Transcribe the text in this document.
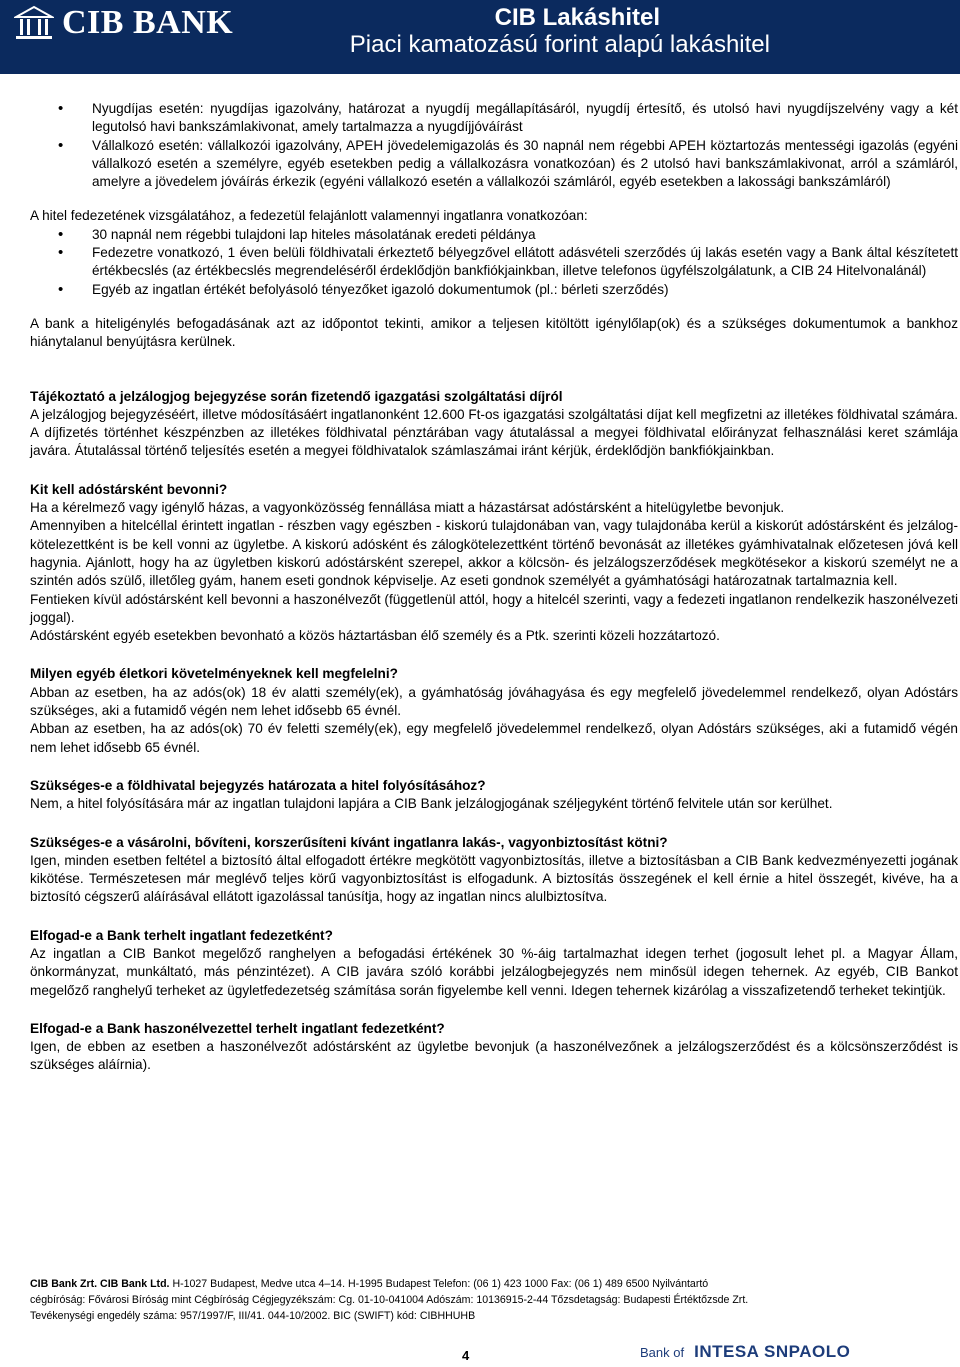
CIB BANK	CIB Lakáshitel
Piaci kamatozású forint alapú lakáshitel
• Nyugdíjas esetén: nyugdíjas igazolvány, határozat a nyugdíj megállapításáról, nyugdíj értesítő, és utolsó havi nyugdíjszelvény vagy a két legutolsó havi bankszámlakivonat, amely tartalmazza a nyugdíjjóváírást
• Vállalkozó esetén: vállalkozói igazolvány, APEH jövedelemigazolás és 30 napnál nem régebbi APEH köztartozás mentességi igazolás (egyéni vállalkozó esetén a személyre, egyéb esetekben pedig a vállalkozásra vonatkozóan) és 2 utolsó havi bankszámlakivonat, arról a számláról, amelyre a jövedelem jóváírás érkezik (egyéni vállalkozó esetén a vállalkozói számláról, egyéb esetekben a lakossági bankszámláról)

A hitel fedezetének vizsgálatához, a fedezetül felajánlott valamennyi ingatlanra vonatkozóan:

• 30 napnál nem régebbi tulajdoni lap hiteles másolatának eredeti példánya
• Fedezetre vonatkozó, 1 éven belüli földhivatali érkeztető bélyegzővel ellátott adásvételi szerződés új lakás esetén vagy a Bank által készítetett értékbecslés (az értékbecslés megrendeléséről érdeklődjön bankfiókjainkban, illetve telefonos ügyfélszolgálatunk, a CIB 24 Hitelvonalánál)
• Egyéb az ingatlan értékét befolyásoló tényezőket igazoló dokumentumok (pl.: bérleti szerződés)

A bank a hiteligénylés befogadásának azt az időpontot tekinti, amikor a teljesen kitöltött igénylőlap(ok) és a szükséges dokumentumok a bankhoz hiánytalanul benyújtásra kerülnek.

Tájékoztató a jelzálogjog bejegyzése során fizetendő igazgatási szolgáltatási díjról

A jelzálogjog bejegyzéséért, illetve módosításáért ingatlanonként 12.600 Ft-os igazgatási szolgáltatási díjat kell megfizetni az illetékes földhivatal számára. A díjfizetés történhet készpénzben az illetékes földhivatal pénztárában vagy átutalással a megyei földhivatal előirányzat felhasználási keret számlája javára. Átutalással történő teljesítés esetén a megyei földhivatalok számlaszámai iránt kérjük, érdeklődjön bankfiókjainkban.

Kit kell adóstársként bevonni?

Ha a kérelmező vagy igénylő házas, a vagyonközösség fennállása miatt a házastársat adóstársként a hitelügyletbe bevonjuk.

Amennyiben a hitelcéllal érintett ingatlan - részben vagy egészben - kiskorú tulajdonában van, vagy tulajdonába kerül a kiskorút adóstársként és jelzálog-kötelezettként is be kell vonni az ügyletbe. A kiskorú adósként és zálogkötelezettként történő bevonását az illetékes gyámhivatalnak előzetesen jóvá kell hagynia. Ajánlott, hogy ha az ügyletben kiskorú adóstársként szerepel, akkor a kölcsön- és jelzálogszerződések megkötésekor a kiskorú személyt ne a szintén adós szülő, illetőleg gyám, hanem eseti gondnok képviselje. Az eseti gondnok személyét a gyámhatósági határozatnak tartalmaznia kell.

Fentieken kívül adóstársként kell bevonni a haszonélvezőt (függetlenül attól, hogy a hitelcél szerinti, vagy a fedezeti ingatlanon rendelkezik haszonélvezeti joggal).

Adóstársként egyéb esetekben bevonható a közös háztartásban élő személy és a Ptk. szerinti közeli hozzátartozó.

Milyen egyéb életkori követelményeknek kell megfelelni?

Abban az esetben, ha az adós(ok) 18 év alatti személy(ek), a gyámhatóság jóváhagyása és egy megfelelő jövedelemmel rendelkező, olyan Adóstárs szükséges, aki a futamidő végén nem lehet idősebb 65 évnél.

Abban az esetben, ha az adós(ok) 70 év feletti személy(ek), egy megfelelő jövedelemmel rendelkező, olyan Adóstárs szükséges, aki a futamidő végén nem lehet idősebb 65 évnél.

Szükséges-e a földhivatal bejegyzés határozata a hitel folyósításához?

Nem, a hitel folyósítására már az ingatlan tulajdoni lapjára a CIB Bank jelzálogjogának széljegyként történő felvitele után sor kerülhet.

Szükséges-e a vásárolni, bővíteni, korszerűsíteni kívánt ingatlanra lakás-, vagyonbiztosítást kötni?

Igen, minden esetben feltétel a biztosító által elfogadott értékre megkötött vagyonbiztosítás, illetve a biztosításban a CIB Bank kedvezményezetti jogának kikötése. Természetesen már meglévő teljes körű vagyonbiztosítást is elfogadunk. A biztosítás összegének el kell érnie a hitel összegét, kivéve, ha a biztosító cégszerű aláírásával ellátott igazolással tanúsítja, hogy az ingatlan nincs alulbiztosítva.

Elfogad-e a Bank terhelt ingatlant fedezetként?

Az ingatlan a CIB Bankot megelőző ranghelyen a befogadási értékének 30 %-áig tartalmazhat idegen terhet (jogosult lehet pl. a Magyar Állam, önkormányzat, munkáltató, más pénzintézet). A CIB javára szóló korábbi jelzálogbejegyzés nem minősül idegen tehernek. Az egyéb, CIB Bankot megelőző ranghelyű terheket az ügyletfedezetség számítása során figyelembe kell venni. Idegen tehernek kizárólag a visszafizetendő terheket tekintjük.

Elfogad-e a Bank haszonélvezettel terhelt ingatlant fedezetként?

Igen, de ebben az esetben a haszonélvezőt adóstársként az ügyletbe bevonjuk (a haszonélvezőnek a jelzálogszerződést és a kölcsönszerződést is szükséges aláírnia).

CIB Bank Zrt. CIB Bank Ltd. H-1027 Budapest, Medve utca 4–14. H-1995 Budapest Telefon: (06 1) 423 1000 Fax: (06 1) 489 6500 Nyilvántartó
cégbíróság: Fővárosi Bíróság mint Cégbíróság Cégjegyzékszám: Cg. 01-10-041004 Adószám: 10136915-2-44 Tőzsdetagság: Budapesti Értéktőzsde Zrt.
Tevékenységi engedély száma: 957/1997/F, III/41. 044-10/2002. BIC (SWIFT) kód: CIBHHUHB
4	Bank of INTESA SNPAOLO
